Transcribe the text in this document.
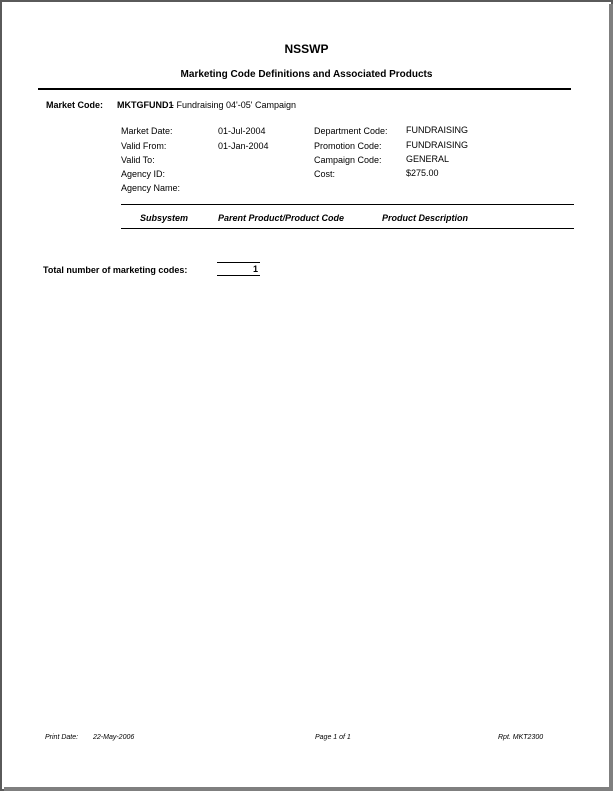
NSSWP
Marketing Code Definitions and Associated Products
Market Code: MKTGFUND1
- Fundraising 04'-05' Campaign
Market Date:	01-Jul-2004
Valid From:	01-Jan-2004
Valid To:
Agency ID:
Agency Name:
Department Code: FUNDRAISING
Promotion Code:	FUNDRAISING
Campaign Code:	GENERAL
Cost:	$275.00
Subsystem	Parent Product/Product Code	Product Description
Total number of marketing codes:	1
Print Date: 22-May-2006	Page 1 of 1	Rpt. MKT2300
